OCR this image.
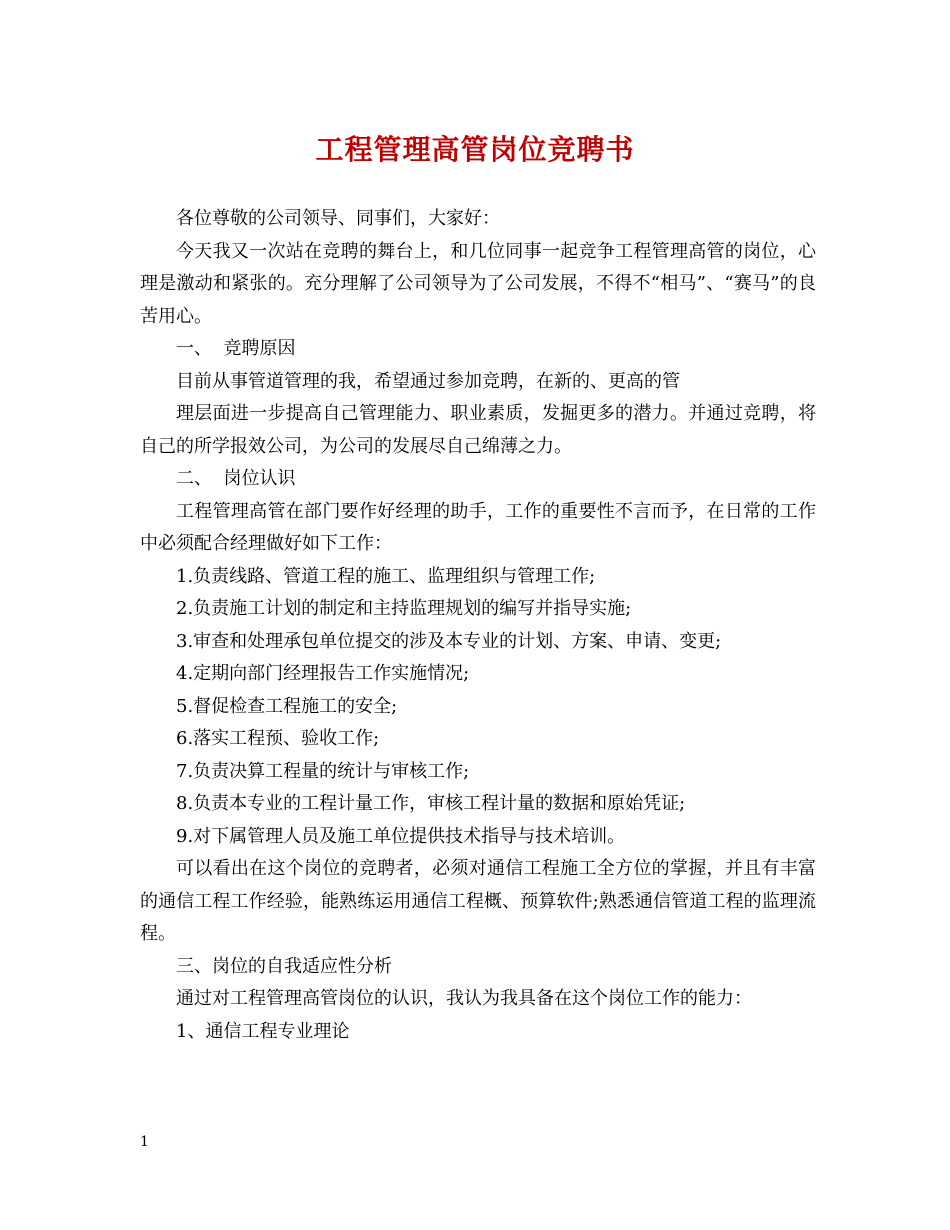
工程管理高管岗位竞聘书

各位尊敬的公司领导、同事们，大家好：

今天我又一次站在竞聘的舞台上，和几位同事一起竞争工程管理高管的岗位，心理是激动和紧张的。充分理解了公司领导为了公司发展，不得不“相马”、“赛马”的良苦用心。

一、  竞聘原因

目前从事管道管理的我，希望通过参加竞聘，在新的、更高的管

理层面进一步提高自己管理能力、职业素质，发掘更多的潜力。并通过竞聘，将自己的所学报效公司，为公司的发展尽自己绵薄之力。

二、  岗位认识

工程管理高管在部门要作好经理的助手，工作的重要性不言而予，在日常的工作中必须配合经理做好如下工作：

1.负责线路、管道工程的施工、监理组织与管理工作;

2.负责施工计划的制定和主持监理规划的编写并指导实施;

3.审查和处理承包单位提交的涉及本专业的计划、方案、申请、变更;

4.定期向部门经理报告工作实施情况;

5.督促检查工程施工的安全;

6.落实工程预、验收工作;

7.负责决算工程量的统计与审核工作;

8.负责本专业的工程计量工作，审核工程计量的数据和原始凭证;

9.对下属管理人员及施工单位提供技术指导与技术培训。

可以看出在这个岗位的竞聘者，必须对通信工程施工全方位的掌握，并且有丰富的通信工程工作经验，能熟练运用通信工程概、预算软件;熟悉通信管道工程的监理流程。

三、岗位的自我适应性分析

通过对工程管理高管岗位的认识，我认为我具备在这个岗位工作的能力：

1、通信工程专业理论

1
